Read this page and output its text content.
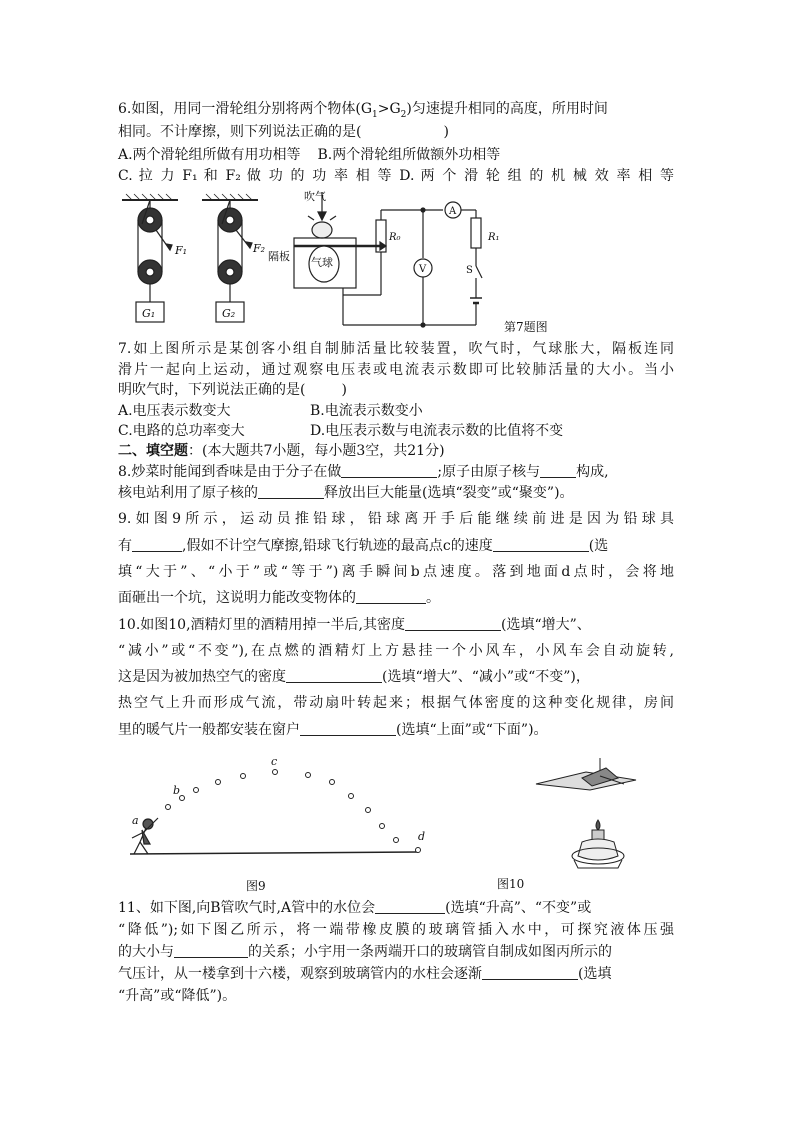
6.如图，用同一滑轮组分别将两个物体$(G_1>G_2)$匀速提升相同的高度，所用时间
相同。不计摩擦，则下列说法正确的是(	)
A.两个滑轮组所做有用功相等 B.两个滑轮组所做额外功相等
C. 拉 力 F₁ 和 F₂ 做 功 的 功 率 相 等 D. 两 个 滑 轮 组 的 机 械 效 率 相 等
F₁
G₁
F₂
G₂
吹气
隔板 气球
R₀	R₁
S
A
V
第7题图
7.如上图所示是某创客小组自制肺活量比较装置，吹气时，气球胀大，隔板连同
滑片一起向上运动，通过观察电压表或电流表示数即可比较肺活量的大小。当小
明吹气时，下列说法正确的是(	)
A.电压表示数变大	B.电流表示数变小
C.电路的总功率变大	D.电压表示数与电流表示数的比值将不变
二、填空题：(本大题共7小题，每小题3空，共21分)
8.炒菜时能闻到香味是由于分子在做	;原子由原子核与	构成,
核电站利用了原子核的	释放出巨大能量(选填“裂变”或“聚变”)。
9.如图9所示，运动员推铅球，铅球离开手后能继续前进是因为铅球具
有	,假如不计空气摩擦,铅球飞行轨迹的最高点c的速度	(选
填“大于”、“小于”或“等于”)离手瞬间b点速度。落到地面d点时，会将地
面砸出一个坑，这说明力能改变物体的	。
10.如图10,酒精灯里的酒精用掉一半后,其密度	(选填“增大”、
“减小”或“不变”),在点燃的酒精灯上方悬挂一个小风车，小风车会自动旋转,
这是因为被加热空气的密度	(选填“增大”、“减小”或“不变”)，
热空气上升而形成气流，带动扇叶转起来；根据气体密度的这种变化规律，房间
里的暖气片一般都安装在窗户	(选填“上面”或“下面”)。
a
b
c
d
图9	图10
11、如下图,向B管吹气时,A管中的水位会	(选填“升高”、“不变”或
“降低”);如下图乙所示，将一端带橡皮膜的玻璃管插入水中，可探究液体压强
的大小与	的关系；小宇用一条两端开口的玻璃管自制成如图丙所示的
气压计，从一楼拿到十六楼，观察到玻璃管内的水柱会逐渐	(选填
“升高”或“降低”)。
